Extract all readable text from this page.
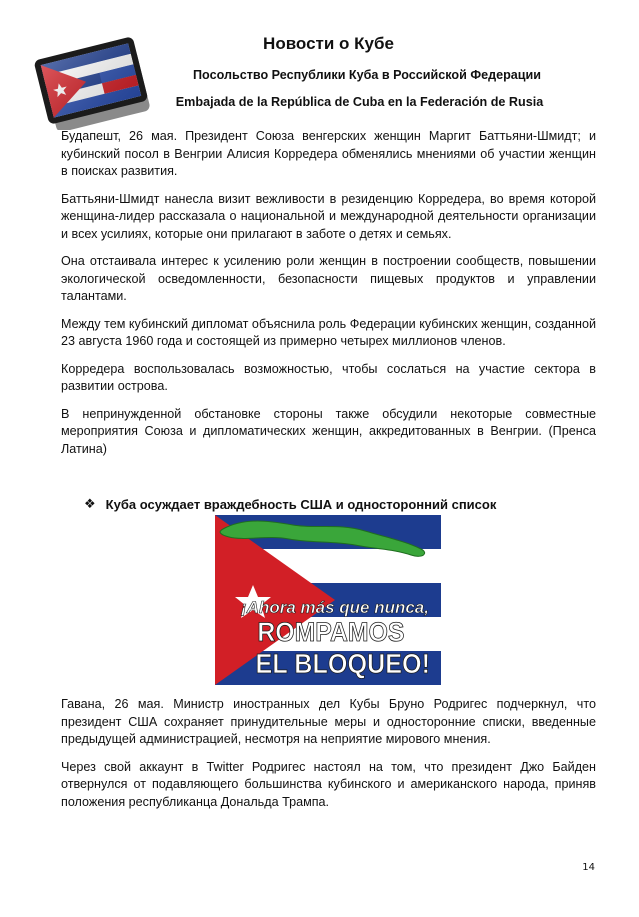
Новости о Кубе
Посольство Республики Куба в Российской Федерации
Embajada de la República de Cuba en la Federación de Rusia

Будапешт, 26 мая. Президент Союза венгерских женщин Маргит Баттьяни-Шмидт; и кубинский посол в Венгрии Алисия Корредера обменялись мнениями об участии женщин в поисках развития.

Баттьяни-Шмидт нанесла визит вежливости в резиденцию Корредера, во время которой женщина-лидер рассказала о национальной и международной деятельности организации и всех усилиях, которые они прилагают в заботе о детях и семьях.

Она отстаивала интерес к усилению роли женщин в построении сообществ, повышении экологической осведомленности, безопасности пищевых продуктов и управлении талантами.

Между тем кубинский дипломат объяснила роль Федерации кубинских женщин, созданной 23 августа 1960 года и состоящей из примерно четырех миллионов членов.

Корредера воспользовалась возможностью, чтобы сослаться на участие сектора в развитии острова.

В непринужденной обстановке стороны также обсудили некоторые совместные мероприятия Союза и дипломатических женщин, аккредитованных в Венгрии. (Пренса Латина)

❖ Куба осуждает враждебность США и односторонний список
¡Ahora más que nunca,
ROMPAMOS
EL BLOQUEO!

Гавана, 26 мая. Министр иностранных дел Кубы Бруно Родригес подчеркнул, что президент США сохраняет принудительные меры и односторонние списки, введенные предыдущей администрацией, несмотря на неприятие мирового мнения.

Через свой аккаунт в Twitter Родригес настоял на том, что президент Джо Байден отвернулся от подавляющего большинства кубинского и американского народа, приняв положения республиканца Дональда Трампа.

14
